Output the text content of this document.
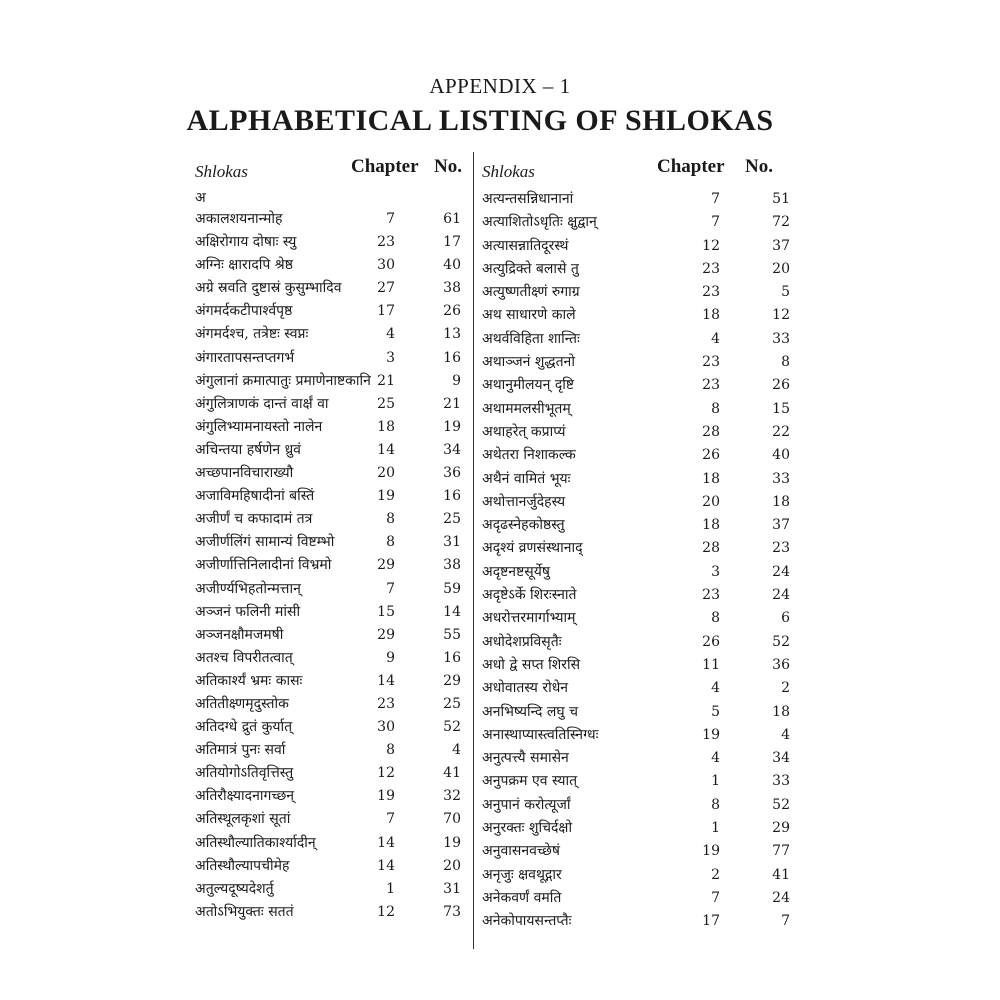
APPENDIX – 1
ALPHABETICAL LISTING OF SHLOKAS
Shlokas	Chapter No.
अ
अकालशयनान्मोह	7	61
अक्षिरोगाय दोषाः स्यु	23	17
अग्निः क्षारादपि श्रेष्ठ	30	40
अग्रे स्रवति दुष्टास्रं कुसुम्भादिव	27	38
अंगमर्दकटीपार्श्वपृष्ठ	17	26
अंगमर्दश्च, तत्रेष्टः स्वप्नः	4	13
अंगारतापसन्तप्तगर्भ	3	16
अंगुलानां क्रमात्पातुः प्रमाणेनाष्टकानि 21	9
अंगुलित्राणकं दान्तं वार्क्षं वा	25	21
अंगुलिभ्यामनायस्तो नालेन	18	19
अचिन्तया हर्षणेन ध्रुवं	14	34
अच्छपानविचाराख्यौ	20	36
अजाविमहिषादीनां बस्तिं	19	16
अजीर्णं च कफादामं तत्र	8	25
अजीर्णलिंगं सामान्यं विष्टम्भो	8	31
अजीर्णात्तिनिलादीनां विभ्रमो	29	38
अजीर्ण्यभिहतोन्मत्तान्	7	59
अञ्जनं फलिनी मांसी	15	14
अञ्जनक्षौमजमषी	29	55
अतश्च विपरीतत्वात्	9	16
अतिकार्श्यं भ्रमः कासः	14	29
अतितीक्ष्णमृदुस्तोक	23	25
अतिदग्धे द्रुतं कुर्यात्	30	52
अतिमात्रं पुनः सर्वा	8	4
अतियोगोऽतिवृत्तिस्तु	12	41
अतिरौक्ष्यादनागच्छन्	19	32
अतिस्थूलकृशां सूतां	7	70
अतिस्थौल्यातिकार्श्यादीन्	14	19
अतिस्थौल्यापचीमेह	14	20
अतुल्यदूष्यदेशर्तु	1	31
अतोऽभियुक्तः सततं	12	73
Shlokas	Chapter No.
अत्यन्तसन्निधानानां	7	51
अत्याशितोऽधृतिः क्षुद्वान्	7	72
अत्यासन्नातिदूरस्थं	12	37
अत्युद्रिक्ते बलासे तु	23	20
अत्युष्णतीक्ष्णं रुगाग्र	23	5
अथ साधारणे काले	18	12
अथर्वविहिता शान्तिः	4	33
अथाञ्जनं शुद्धतनो	23	8
अथानुमीलयन् दृष्टि	23	26
अथाममलसीभूतम्	8	15
अथाहरेत् कप्राप्यं	28	22
अथेतरा निशाकल्क	26	40
अथैनं वामितं भूयः	18	33
अथोत्तानर्जुदेहस्य	20	18
अदृढस्नेहकोष्ठस्तु	18	37
अदृश्यं व्रणसंस्थानाद्	28	23
अदृष्टनष्टसूर्येषु	3	24
अदृष्टेऽर्के शिरःस्नाते	23	24
अधरोत्तरमार्गाभ्याम्	8	6
अधोदेशप्रविसृतैः	26	52
अधो द्वे सप्त शिरसि	11	36
अधोवातस्य रोधेन	4	2
अनभिष्यन्दि लघु च	5	18
अनास्थाप्यास्त्वतिस्निग्धः	19	4
अनुत्पत्त्यै समासेन	4	34
अनुपक्रम एव स्यात्	1	33
अनुपानं करोत्यूर्जां	8	52
अनुरक्तः शुचिर्दक्षो	1	29
अनुवासनवच्छेषं	19	77
अनृजुः क्षवथूद्गार	2	41
अनेकवर्णं वमति	7	24
अनेकोपायसन्तप्तैः	17	7
